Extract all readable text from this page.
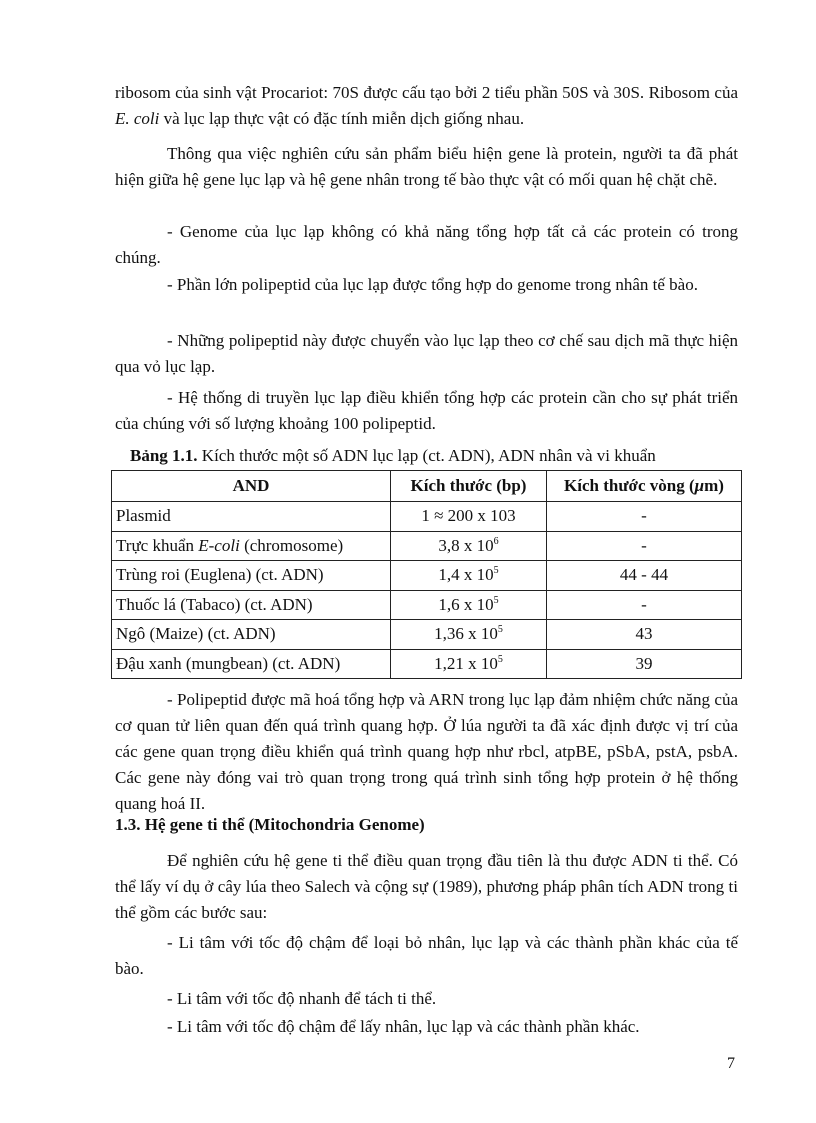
ribosom của sinh vật Procariot: 70S được cấu tạo bởi 2 tiểu phần 50S và 30S. Ribosom của E. coli và lục lạp thực vật có đặc tính miễn dịch giống nhau.

Thông qua việc nghiên cứu sản phẩm biểu hiện gene là protein, người ta đã phát hiện giữa hệ gene lục lạp và hệ gene nhân trong tế bào thực vật có mối quan hệ chặt chẽ.

- Genome của lục lạp không có khả năng tổng hợp tất cả các protein có trong chúng.

- Phần lớn polipeptid của lục lạp được tổng hợp do genome trong nhân tế bào.

- Những polipeptid này được chuyển vào lục lạp theo cơ chế sau dịch mã thực hiện qua vỏ lục lạp.

- Hệ thống di truyền lục lạp điều khiển tổng hợp các protein cần cho sự phát triển của chúng với số lượng khoảng 100 polipeptid.

Bảng 1.1. Kích thước một số ADN lục lạp (ct. ADN), ADN nhân và vi khuẩn

AND	Kích thước (bp)	Kích thước vòng (μm)
Plasmid	1 ≈ 200 x 103	-
Trực khuẩn E-coli (chromosome)	3,8 x $10^6$	-
Trùng roi (Euglena) (ct. ADN)	1,4 x $10^5$	44 - 44
Thuốc lá (Tabaco) (ct. ADN)	1,6 x $10^5$	-
Ngô (Maize) (ct. ADN)	1,36 x $10^5$	43
Đậu xanh (mungbean) (ct. ADN)	1,21 x $10^5$	39

- Polipeptid được mã hoá tổng hợp và ARN trong lục lạp đảm nhiệm chức năng của cơ quan tử liên quan đến quá trình quang hợp. Ở lúa người ta đã xác định được vị trí của các gene quan trọng điều khiển quá trình quang hợp như rbcl, atpBE, pSbA, pstA, psbA. Các gene này đóng vai trò quan trọng trong quá trình sinh tổng hợp protein ở hệ thống quang hoá II.

1.3. Hệ gene ti thể (Mitochondria Genome)

Để nghiên cứu hệ gene ti thể điều quan trọng đầu tiên là thu được ADN ti thể. Có thể lấy ví dụ ở cây lúa theo Salech và cộng sự (1989), phương pháp phân tích ADN trong ti thể gồm các bước sau:

- Li tâm với tốc độ chậm để loại bỏ nhân, lục lạp và các thành phần khác của tế bào.

- Li tâm với tốc độ nhanh để tách ti thể.

- Li tâm với tốc độ chậm để lấy nhân, lục lạp và các thành phần khác.

7
